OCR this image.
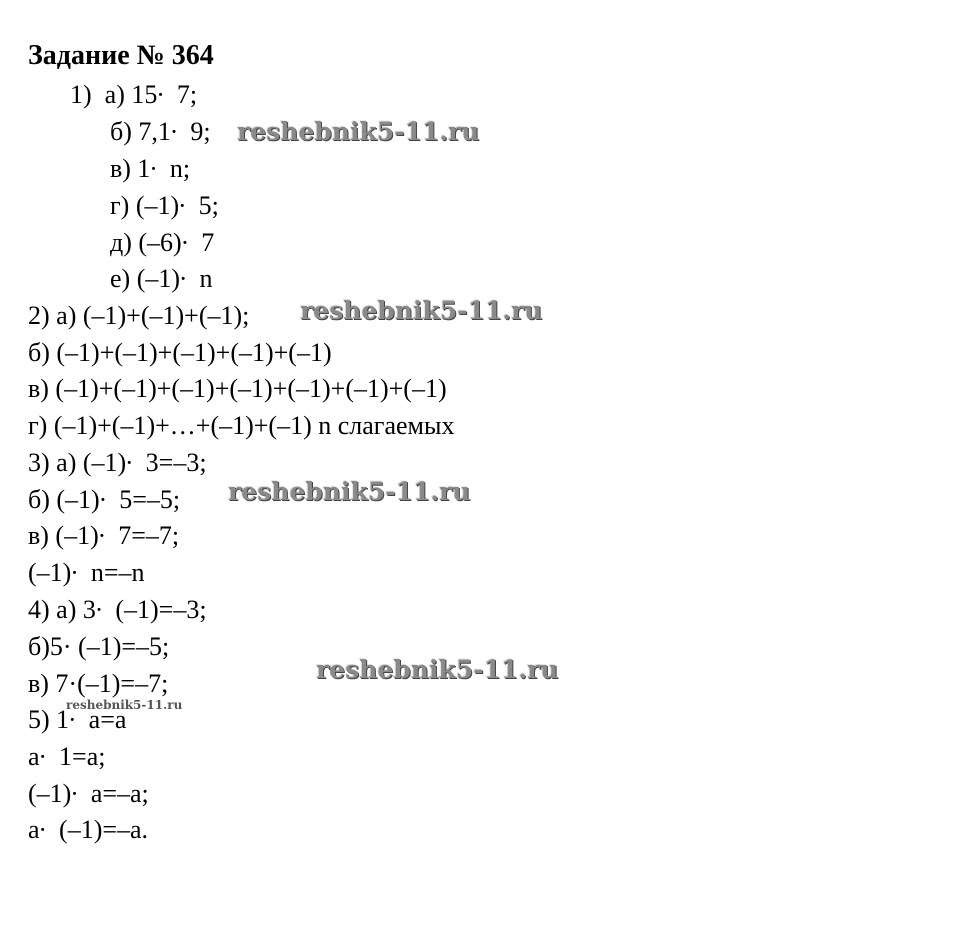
Задание № 364
1)  а) 15∙  7;
б) 7,1∙  9;
в) 1∙  n;
г) (–1)∙  5;
д) (–6)∙  7
е) (–1)∙  n
2) а) (–1)+(–1)+(–1);
б) (–1)+(–1)+(–1)+(–1)+(–1)
в) (–1)+(–1)+(–1)+(–1)+(–1)+(–1)+(–1)
г) (–1)+(–1)+…+(–1)+(–1) n слагаемых
3) а) (–1)∙  3=–3;
б) (–1)∙  5=–5;
в) (–1)∙  7=–7;
(–1)∙  n=–n
4) а) 3∙  (–1)=–3;
б)5· (–1)=–5;
в) 7·(–1)=–7;
5) 1∙  a=a
a∙  1=a;
(–1)∙  a=–a;
a∙  (–1)=–a.
reshebnik5-11.ru
reshebnik5-11.ru
reshebnik5-11.ru
reshebnik5-11.ru
reshebnik5-11.ru
